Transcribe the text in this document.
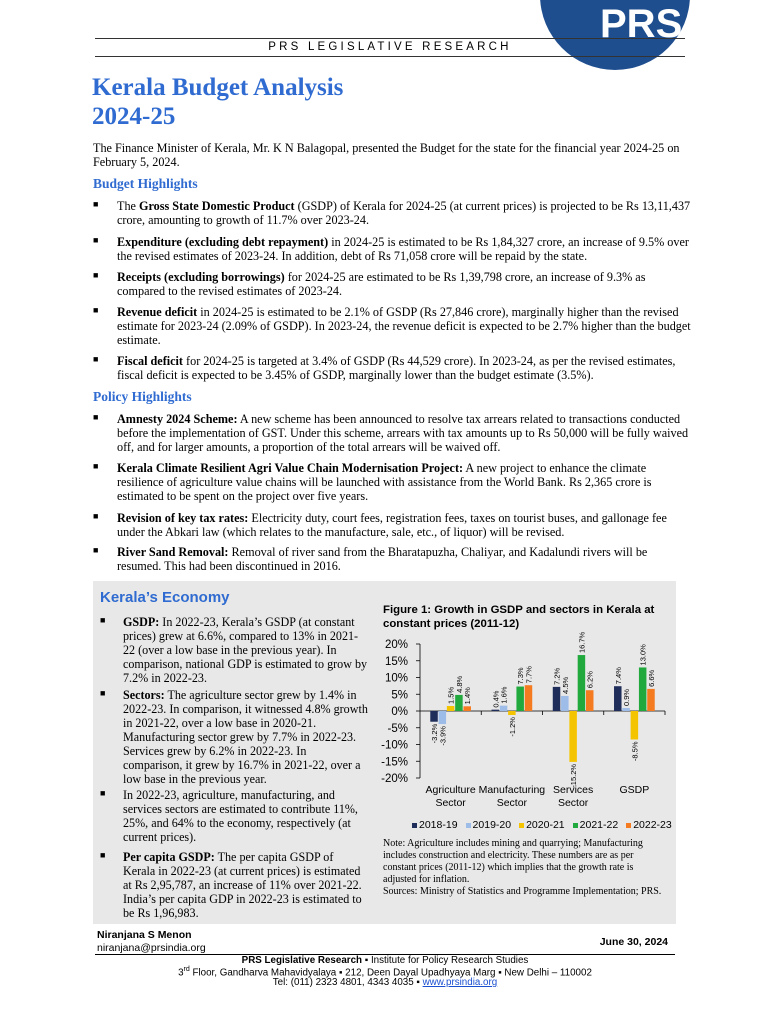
PRS
PRS LEGISLATIVE RESEARCH
Kerala Budget Analysis
2024-25
The Finance Minister of Kerala, Mr. K N Balagopal, presented the Budget for the state for the financial year 2024-25 on February 5, 2024.
Budget Highlights
■ The Gross State Domestic Product (GSDP) of Kerala for 2024-25 (at current prices) is projected to be Rs 13,11,437 crore, amounting to growth of 11.7% over 2023-24.
■ Expenditure (excluding debt repayment) in 2024-25 is estimated to be Rs 1,84,327 crore, an increase of 9.5% over the revised estimates of 2023-24. In addition, debt of Rs 71,058 crore will be repaid by the state.
■ Receipts (excluding borrowings) for 2024-25 are estimated to be Rs 1,39,798 crore, an increase of 9.3% as compared to the revised estimates of 2023-24.
■ Revenue deficit in 2024-25 is estimated to be 2.1% of GSDP (Rs 27,846 crore), marginally higher than the revised estimate for 2023-24 (2.09% of GSDP). In 2023-24, the revenue deficit is expected to be 2.7% higher than the budget estimate.
■ Fiscal deficit for 2024-25 is targeted at 3.4% of GSDP (Rs 44,529 crore). In 2023-24, as per the revised estimates, fiscal deficit is expected to be 3.45% of GSDP, marginally lower than the budget estimate (3.5%).
Policy Highlights
■ Amnesty 2024 Scheme: A new scheme has been announced to resolve tax arrears related to transactions conducted before the implementation of GST. Under this scheme, arrears with tax amounts up to Rs 50,000 will be fully waived off, and for larger amounts, a proportion of the total arrears will be waived off.
■ Kerala Climate Resilient Agri Value Chain Modernisation Project: A new project to enhance the climate resilience of agriculture value chains will be launched with assistance from the World Bank. Rs 2,365 crore is estimated to be spent on the project over five years.
■ Revision of key tax rates: Electricity duty, court fees, registration fees, taxes on tourist buses, and gallonage fee under the Abkari law (which relates to the manufacture, sale, etc., of liquor) will be revised.
■ River Sand Removal: Removal of river sand from the Bharatapuzha, Chaliyar, and Kadalundi rivers will be resumed. This had been discontinued in 2016.
Kerala’s Economy
■ GSDP: In 2022-23, Kerala’s GSDP (at constant prices) grew at 6.6%, compared to 13% in 2021-22 (over a low base in the previous year). In comparison, national GDP is estimated to grow by 7.2% in 2022-23.
■ Sectors: The agriculture sector grew by 1.4% in 2022-23. In comparison, it witnessed 4.8% growth in 2021-22, over a low base in 2020-21. Manufacturing sector grew by 7.7% in 2022-23. Services grew by 6.2% in 2022-23. In comparison, it grew by 16.7% in 2021-22, over a low base in the previous year.
■ In 2022-23, agriculture, manufacturing, and services sectors are estimated to contribute 11%, 25%, and 64% to the economy, respectively (at current prices).
■ Per capita GSDP: The per capita GSDP of Kerala in 2022-23 (at current prices) is estimated at Rs 2,95,787, an increase of 11% over 2021-22. India’s per capita GDP in 2022-23 is estimated to be Rs 1,96,983.
Figure 1: Growth in GSDP and sectors in Kerala at constant prices (2011-12)
20%
15%
10%
5%
0%
-5%
-10%
-15%
-20%
-3.2% -3.9%
1.5%
4.8%
1.4%
Agriculture
Sector
0.4% 1.6%
-1.2%
7.3% 7.7%
Manufacturing
Sector
7.2%
4.5%
-15.2%
16.7%
6.2%
Services
Sector
7.4%
0.9%
-8.5%
13.0%
6.6%
GSDP
2018-19 2019-20 2020-21 2021-22 2022-23
Note: Agriculture includes mining and quarrying; Manufacturing includes construction and electricity. These numbers are as per constant prices (2011-12) which implies that the growth rate is adjusted for inflation.
Sources: Ministry of Statistics and Programme Implementation; PRS.
Niranjana S Menon
niranjana@prsindia.org	June 30, 2024
PRS Legislative Research ▪ Institute for Policy Research Studies
3rd Floor, Gandharva Mahavidyalaya ▪ 212, Deen Dayal Upadhyaya Marg ▪ New Delhi – 110002
Tel: (011) 2323 4801, 4343 4035 ▪ www.prsindia.org
